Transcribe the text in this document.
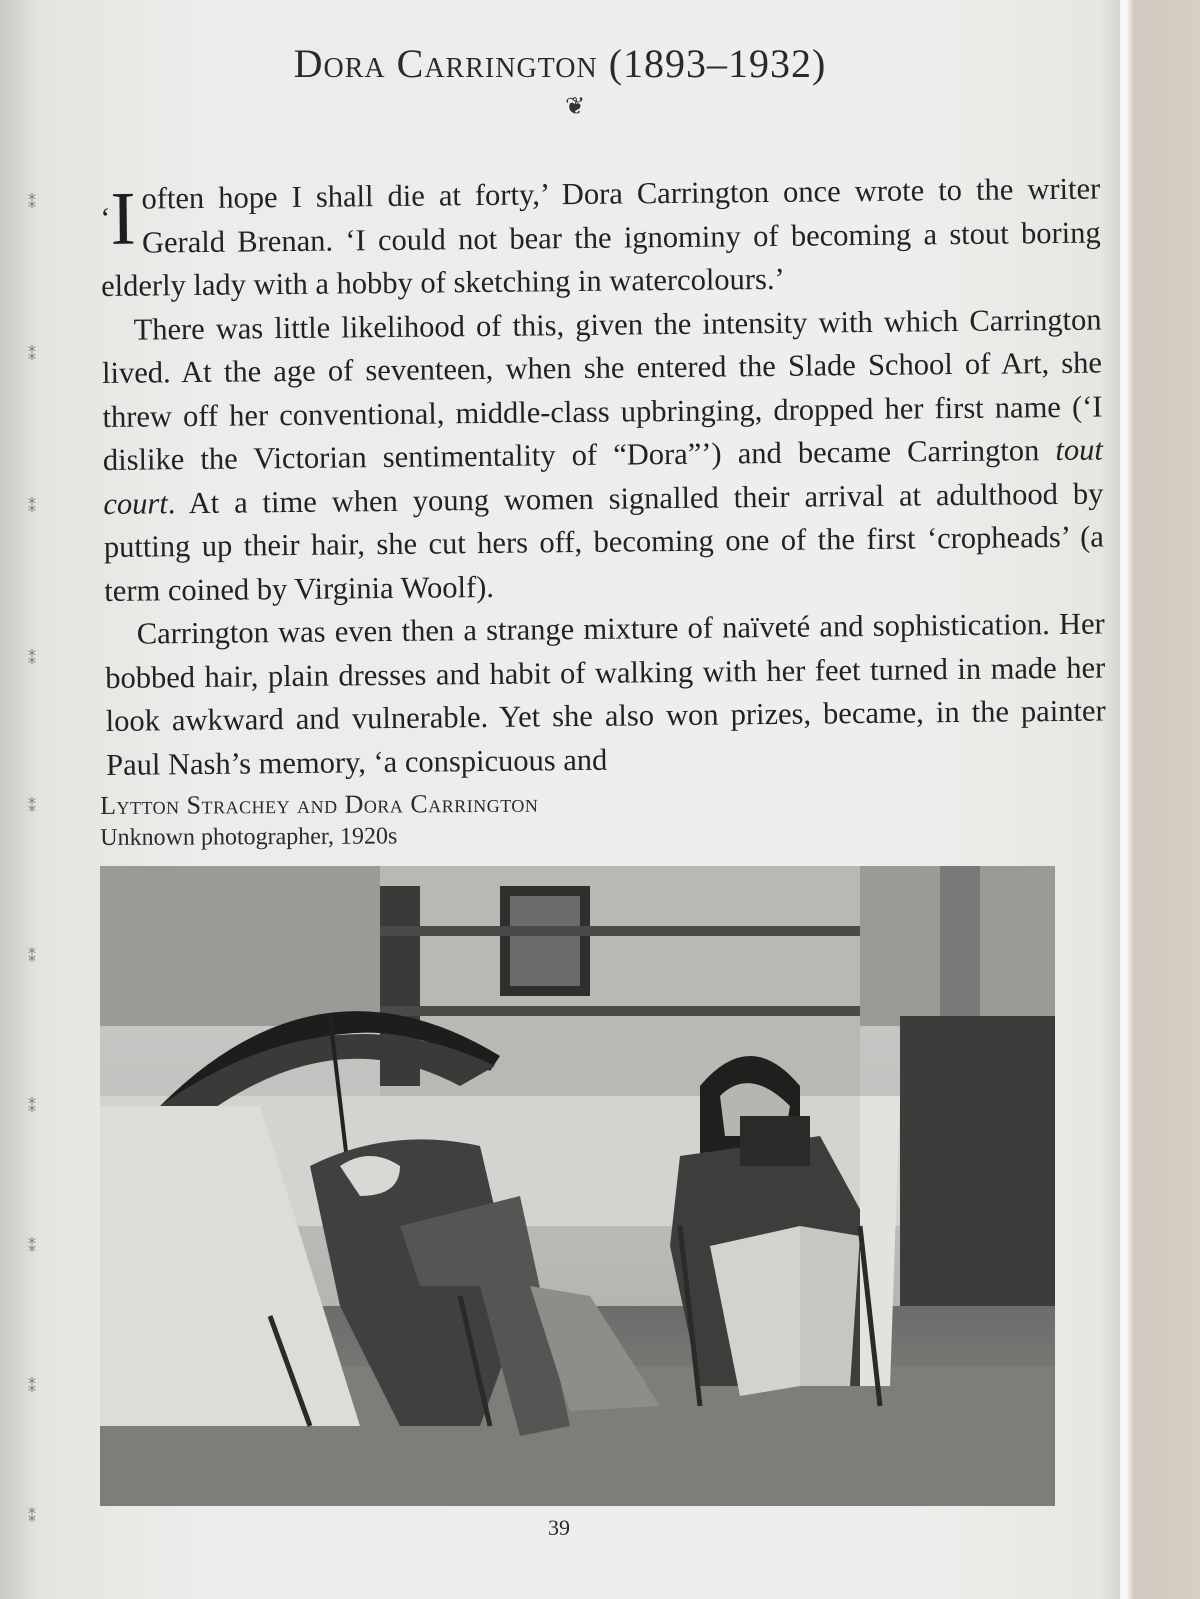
⁑
⁑
⁑
⁑
⁑
⁑
⁑
⁑
⁑
⁑
Dora Carrington (1893–1932)
❦

‘I often hope I shall die at forty,’ Dora Carrington once wrote to the writer Gerald Brenan. ‘I could not bear the ignominy of becoming a stout boring elderly lady with a hobby of sketching in watercolours.’

There was little likelihood of this, given the intensity with which Carrington lived. At the age of seventeen, when she entered the Slade School of Art, she threw off her conventional, middle-class upbringing, dropped her first name (‘I dislike the Victorian sentimentality of “Dora”’) and became Carrington tout court. At a time when young women signalled their arrival at adulthood by putting up their hair, she cut hers off, becoming one of the first ‘cropheads’ (a term coined by Virginia Woolf).

Carrington was even then a strange mixture of naïveté and sophistication. Her bobbed hair, plain dresses and habit of walking with her feet turned in made her look awkward and vulnerable. Yet she also won prizes, became, in the painter Paul Nash’s memory, ‘a conspicuous and

Lytton Strachey and Dora Carrington
Unknown photographer, 1920s
39
